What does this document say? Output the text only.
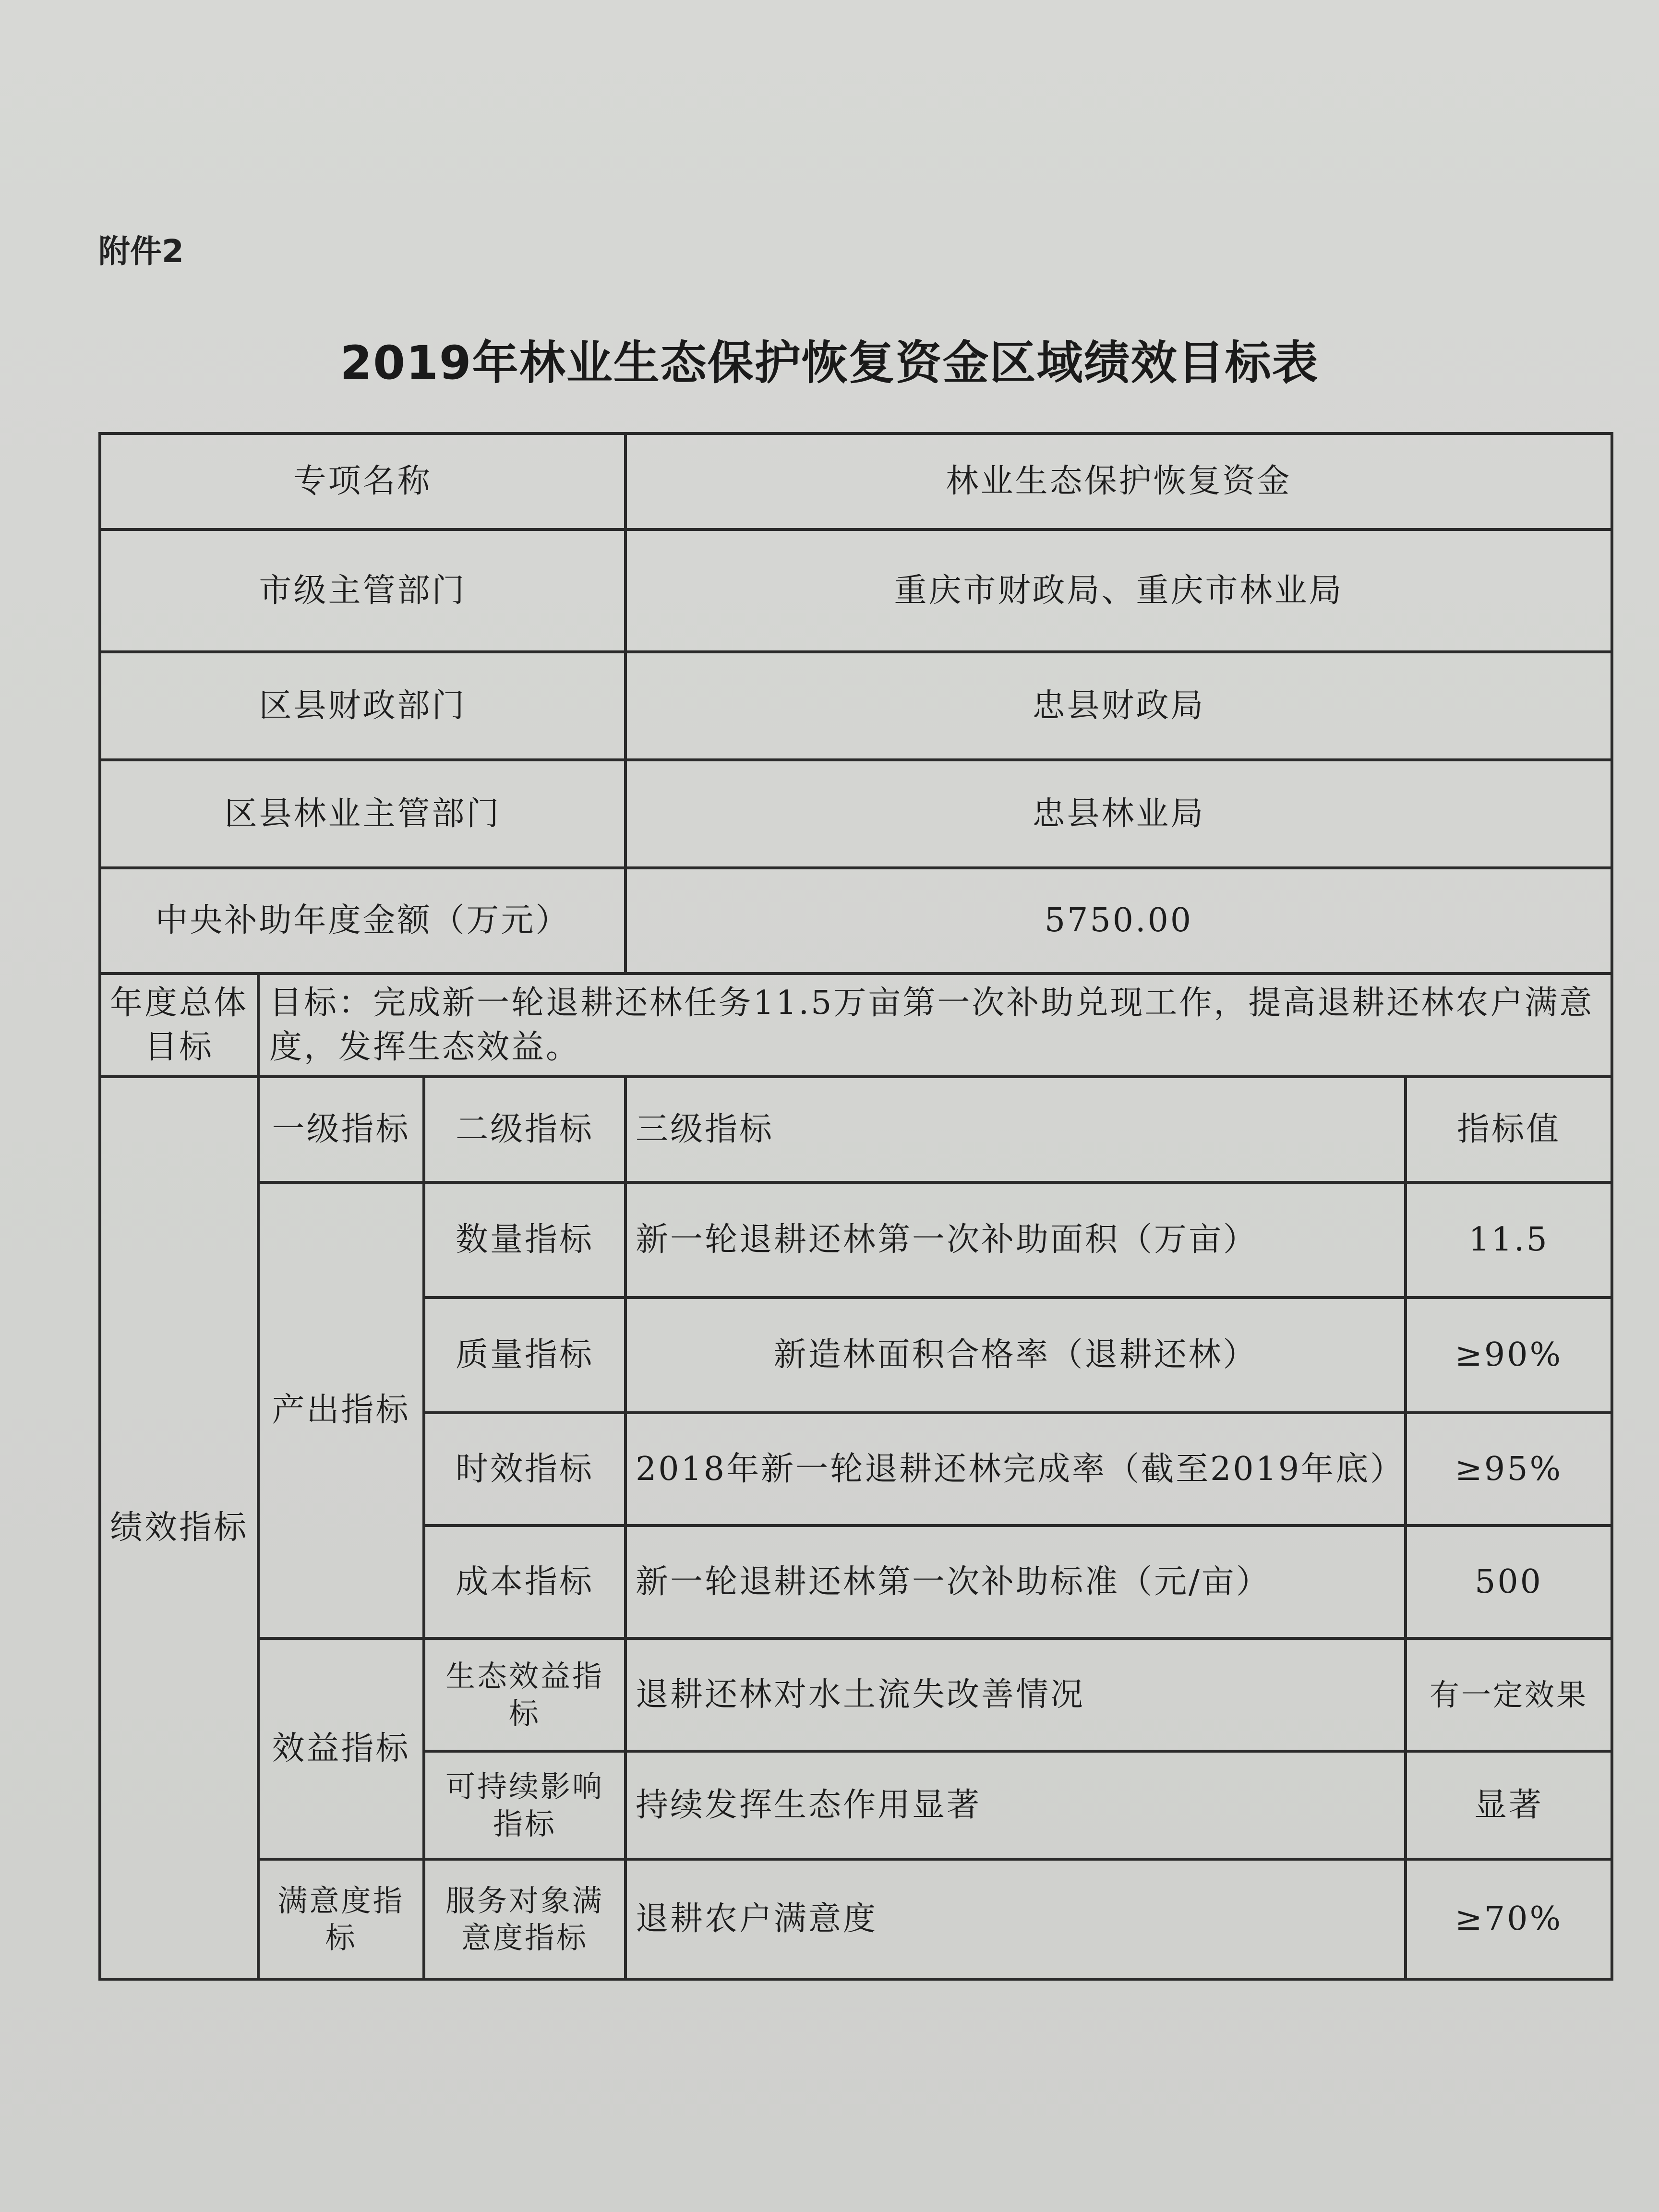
附件2
2019年林业生态保护恢复资金区域绩效目标表
专项名称			林业生态保护恢复资金	
市级主管部门			重庆市财政局、重庆市林业局	
区县财政部门			忠县财政局	
区县林业主管部门			忠县林业局	
中央补助年度金额（万元）			5750.00	
年度总体目标	目标：完成新一轮退耕还林任务11.5万亩第一次补助兑现工作，提高退耕还林农户满意度，发挥生态效益。			
绩效指标	一级指标	二级指标	三级指标	指标值
	产出指标	数量指标	新一轮退耕还林第一次补助面积（万亩）	11.5
		质量指标	新造林面积合格率（退耕还林）	≥90%
		时效指标	2018年新一轮退耕还林完成率（截至2019年底）	≥95%
		成本指标	新一轮退耕还林第一次补助标准（元/亩）	500
	效益指标	生态效益指标	退耕还林对水土流失改善情况	有一定效果
		可持续影响指标	持续发挥生态作用显著	显著
	满意度指标	服务对象满意度指标	退耕农户满意度	≥70%
